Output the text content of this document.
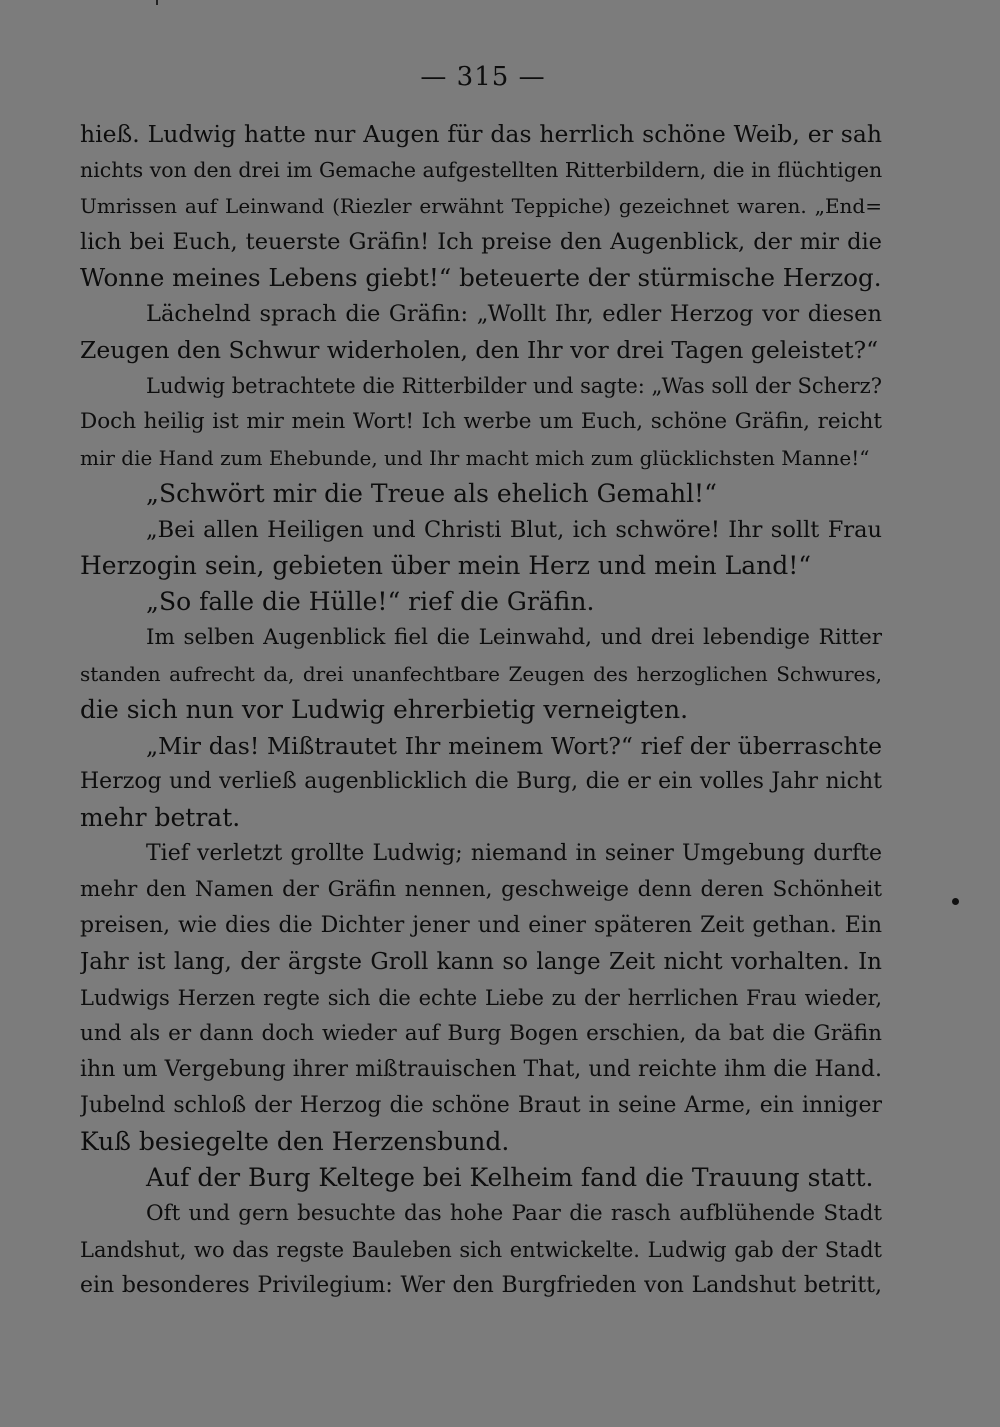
— 315 —
hieß. Ludwig hatte nur Augen für das herrlich schöne Weib, er sah
nichts von den drei im Gemache aufgestellten Ritterbildern, die in flüchtigen
Umrissen auf Leinwand (Riezler erwähnt Teppiche) gezeichnet waren. „End=
lich bei Euch, teuerste Gräfin! Ich preise den Augenblick, der mir die
Wonne meines Lebens giebt!“ beteuerte der stürmische Herzog.
Lächelnd sprach die Gräfin: „Wollt Ihr, edler Herzog vor diesen
Zeugen den Schwur widerholen, den Ihr vor drei Tagen geleistet?“
Ludwig betrachtete die Ritterbilder und sagte: „Was soll der Scherz?
Doch heilig ist mir mein Wort! Ich werbe um Euch, schöne Gräfin, reicht
mir die Hand zum Ehebunde, und Ihr macht mich zum glücklichsten Manne!“
„Schwört mir die Treue als ehelich Gemahl!“
„Bei allen Heiligen und Christi Blut, ich schwöre! Ihr sollt Frau
Herzogin sein, gebieten über mein Herz und mein Land!“
„So falle die Hülle!“ rief die Gräfin.
Im selben Augenblick fiel die Leinwahd, und drei lebendige Ritter
standen aufrecht da, drei unanfechtbare Zeugen des herzoglichen Schwures,
die sich nun vor Ludwig ehrerbietig verneigten.
„Mir das! Mißtrautet Ihr meinem Wort?“ rief der überraschte
Herzog und verließ augenblicklich die Burg, die er ein volles Jahr nicht
mehr betrat.
Tief verletzt grollte Ludwig; niemand in seiner Umgebung durfte
mehr den Namen der Gräfin nennen, geschweige denn deren Schönheit
preisen, wie dies die Dichter jener und einer späteren Zeit gethan. Ein
Jahr ist lang, der ärgste Groll kann so lange Zeit nicht vorhalten. In
Ludwigs Herzen regte sich die echte Liebe zu der herrlichen Frau wieder,
und als er dann doch wieder auf Burg Bogen erschien, da bat die Gräfin
ihn um Vergebung ihrer mißtrauischen That, und reichte ihm die Hand.
Jubelnd schloß der Herzog die schöne Braut in seine Arme, ein inniger
Kuß besiegelte den Herzensbund.
Auf der Burg Keltege bei Kelheim fand die Trauung statt.
Oft und gern besuchte das hohe Paar die rasch aufblühende Stadt
Landshut, wo das regste Bauleben sich entwickelte. Ludwig gab der Stadt
ein besonderes Privilegium: Wer den Burgfrieden von Landshut betritt,
